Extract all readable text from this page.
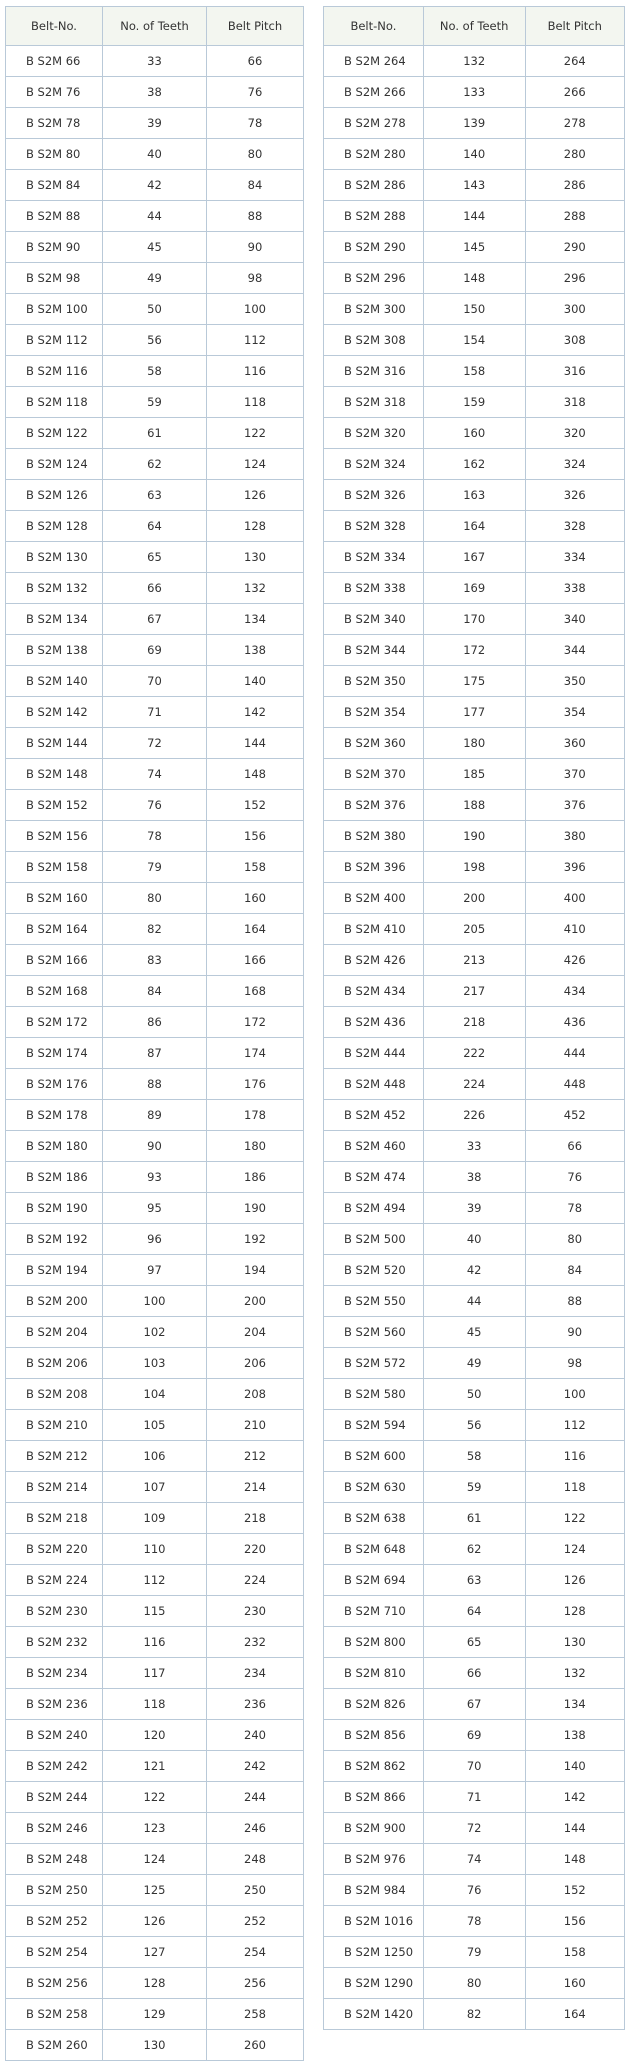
Belt-No.	No. of Teeth	Belt Pitch
B S2M 66	33	66
B S2M 76	38	76
B S2M 78	39	78
B S2M 80	40	80
B S2M 84	42	84
B S2M 88	44	88
B S2M 90	45	90
B S2M 98	49	98
B S2M 100	50	100
B S2M 112	56	112
B S2M 116	58	116
B S2M 118	59	118
B S2M 122	61	122
B S2M 124	62	124
B S2M 126	63	126
B S2M 128	64	128
B S2M 130	65	130
B S2M 132	66	132
B S2M 134	67	134
B S2M 138	69	138
B S2M 140	70	140
B S2M 142	71	142
B S2M 144	72	144
B S2M 148	74	148
B S2M 152	76	152
B S2M 156	78	156
B S2M 158	79	158
B S2M 160	80	160
B S2M 164	82	164
B S2M 166	83	166
B S2M 168	84	168
B S2M 172	86	172
B S2M 174	87	174
B S2M 176	88	176
B S2M 178	89	178
B S2M 180	90	180
B S2M 186	93	186
B S2M 190	95	190
B S2M 192	96	192
B S2M 194	97	194
B S2M 200	100	200
B S2M 204	102	204
B S2M 206	103	206
B S2M 208	104	208
B S2M 210	105	210
B S2M 212	106	212
B S2M 214	107	214
B S2M 218	109	218
B S2M 220	110	220
B S2M 224	112	224
B S2M 230	115	230
B S2M 232	116	232
B S2M 234	117	234
B S2M 236	118	236
B S2M 240	120	240
B S2M 242	121	242
B S2M 244	122	244
B S2M 246	123	246
B S2M 248	124	248
B S2M 250	125	250
B S2M 252	126	252
B S2M 254	127	254
B S2M 256	128	256
B S2M 258	129	258
B S2M 260	130	260
Belt-No.	No. of Teeth	Belt Pitch
B S2M 264	132	264
B S2M 266	133	266
B S2M 278	139	278
B S2M 280	140	280
B S2M 286	143	286
B S2M 288	144	288
B S2M 290	145	290
B S2M 296	148	296
B S2M 300	150	300
B S2M 308	154	308
B S2M 316	158	316
B S2M 318	159	318
B S2M 320	160	320
B S2M 324	162	324
B S2M 326	163	326
B S2M 328	164	328
B S2M 334	167	334
B S2M 338	169	338
B S2M 340	170	340
B S2M 344	172	344
B S2M 350	175	350
B S2M 354	177	354
B S2M 360	180	360
B S2M 370	185	370
B S2M 376	188	376
B S2M 380	190	380
B S2M 396	198	396
B S2M 400	200	400
B S2M 410	205	410
B S2M 426	213	426
B S2M 434	217	434
B S2M 436	218	436
B S2M 444	222	444
B S2M 448	224	448
B S2M 452	226	452
B S2M 460	33	66
B S2M 474	38	76
B S2M 494	39	78
B S2M 500	40	80
B S2M 520	42	84
B S2M 550	44	88
B S2M 560	45	90
B S2M 572	49	98
B S2M 580	50	100
B S2M 594	56	112
B S2M 600	58	116
B S2M 630	59	118
B S2M 638	61	122
B S2M 648	62	124
B S2M 694	63	126
B S2M 710	64	128
B S2M 800	65	130
B S2M 810	66	132
B S2M 826	67	134
B S2M 856	69	138
B S2M 862	70	140
B S2M 866	71	142
B S2M 900	72	144
B S2M 976	74	148
B S2M 984	76	152
B S2M 1016	78	156
B S2M 1250	79	158
B S2M 1290	80	160
B S2M 1420	82	164
